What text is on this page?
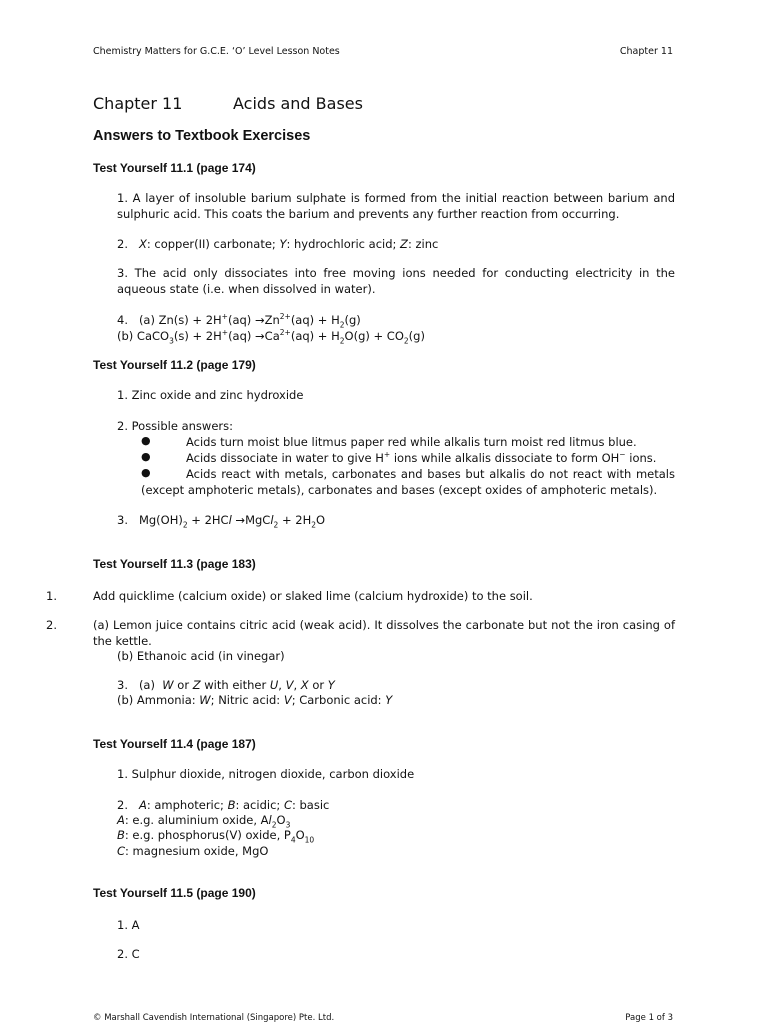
Chemistry Matters for G.C.E. ‘O’ Level Lesson Notes	Chapter 11
Chapter 11	Acids and Bases
Answers to Textbook Exercises
Test Yourself 11.1 (page 174)
1. A layer of insoluble barium sulphate is formed from the initial reaction between barium and sulphuric acid. This coats the barium and prevents any further reaction from occurring.
2.   X: copper(II) carbonate; Y: hydrochloric acid; Z: zinc
3. The acid only dissociates into free moving ions needed for conducting electricity in the aqueous state (i.e. when dissolved in water).
4.   (a) $Zn(s) + 2H^+(aq) \to Zn^{2+}(aq) + H_2(g)$
(b) CaCO$_3$(s) + $2H^+(aq) \to Ca^{2+}(aq) + H_2O(g) + CO_2(g)$
Test Yourself 11.2 (page 179)
1. Zinc oxide and zinc hydroxide
2. Possible answers:
●	Acids turn moist blue litmus paper red while alkalis turn moist red litmus blue.
●	Acids dissociate in water to give H+ ions while alkalis dissociate to form OH− ions.
●	Acids react with metals, carbonates and bases but alkalis do not react with metals (except amphoteric metals), carbonates and bases (except oxides of amphoteric metals).
3.   $Mg(OH)_2 + 2HCl$ →MgCl$_2$ + $2H_2O$
Test Yourself 11.3 (page 183)
1.	Add quicklime (calcium oxide) or slaked lime (calcium hydroxide) to the soil.
2.	(a) Lemon juice contains citric acid (weak acid). It dissolves the carbonate but not the iron casing of the kettle.
(b) Ethanoic acid (in vinegar)
3.   (a)  W or Z with either U, V, X or Y
(b) Ammonia: W; Nitric acid: V; Carbonic acid: Y
Test Yourself 11.4 (page 187)
1. Sulphur dioxide, nitrogen dioxide, carbon dioxide
2.   A: amphoteric; B: acidic; C: basic
A: e.g. aluminium oxide, $Al_2O_3$
B: e.g. phosphorus(V) oxide, $P_4O_{10}$
C: magnesium oxide, MgO
Test Yourself 11.5 (page 190)
1. A
2. C
© Marshall Cavendish International (Singapore) Pte. Ltd.	Page 1 of 3
